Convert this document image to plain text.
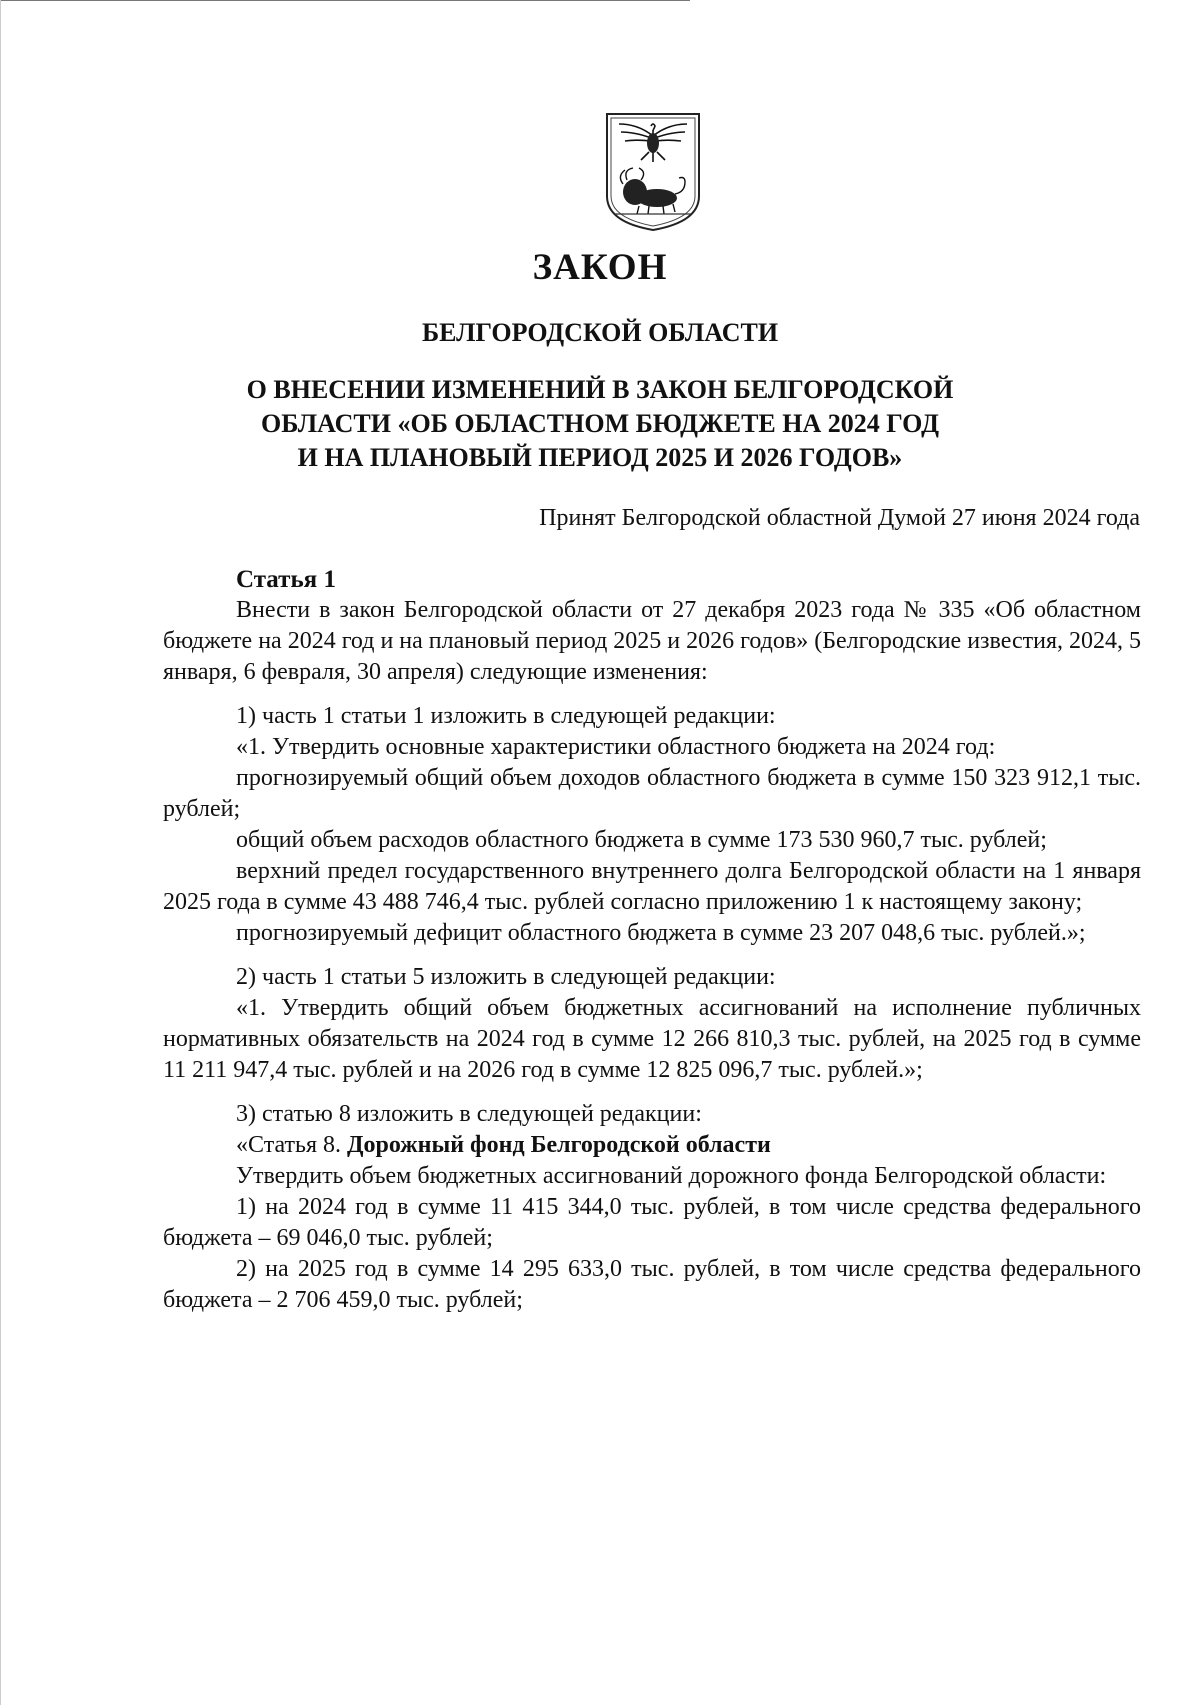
ЗАКОН
БЕЛГОРОДСКОЙ ОБЛАСТИ
О ВНЕСЕНИИ ИЗМЕНЕНИЙ В ЗАКОН БЕЛГОРОДСКОЙ
ОБЛАСТИ «ОБ ОБЛАСТНОМ БЮДЖЕТЕ НА 2024 ГОД
И НА ПЛАНОВЫЙ ПЕРИОД 2025 И 2026 ГОДОВ»
Принят Белгородской областной Думой 27 июня 2024 года

Статья 1

Внести в закон Белгородской области от 27 декабря 2023 года № 335 «Об областном бюджете на 2024 год и на плановый период 2025 и 2026 годов» (Белгородские известия, 2024, 5 января, 6 февраля, 30 апреля) следующие изменения:

1) часть 1 статьи 1 изложить в следующей редакции:

«1. Утвердить основные характеристики областного бюджета на 2024 год:

прогнозируемый общий объем доходов областного бюджета в сумме 150 323 912,1 тыс. рублей;

общий объем расходов областного бюджета в сумме 173 530 960,7 тыс. рублей;

верхний предел государственного внутреннего долга Белгородской области на 1 января 2025 года в сумме 43 488 746,4 тыс. рублей согласно приложению 1 к настоящему закону;

прогнозируемый дефицит областного бюджета в сумме 23 207 048,6 тыс. рублей.»;

2) часть 1 статьи 5 изложить в следующей редакции:

«1. Утвердить общий объем бюджетных ассигнований на исполнение публичных нормативных обязательств на 2024 год в сумме 12 266 810,3 тыс. рублей, на 2025 год в сумме 11 211 947,4 тыс. рублей и на 2026 год в сумме 12 825 096,7 тыс. рублей.»;

3) статью 8 изложить в следующей редакции:

«Статья 8. Дорожный фонд Белгородской области

Утвердить объем бюджетных ассигнований дорожного фонда Белгородской области:

1) на 2024 год в сумме 11 415 344,0 тыс. рублей, в том числе средства федерального бюджета – 69 046,0 тыс. рублей;

2) на 2025 год в сумме 14 295 633,0 тыс. рублей, в том числе средства федерального бюджета – 2 706 459,0 тыс. рублей;
